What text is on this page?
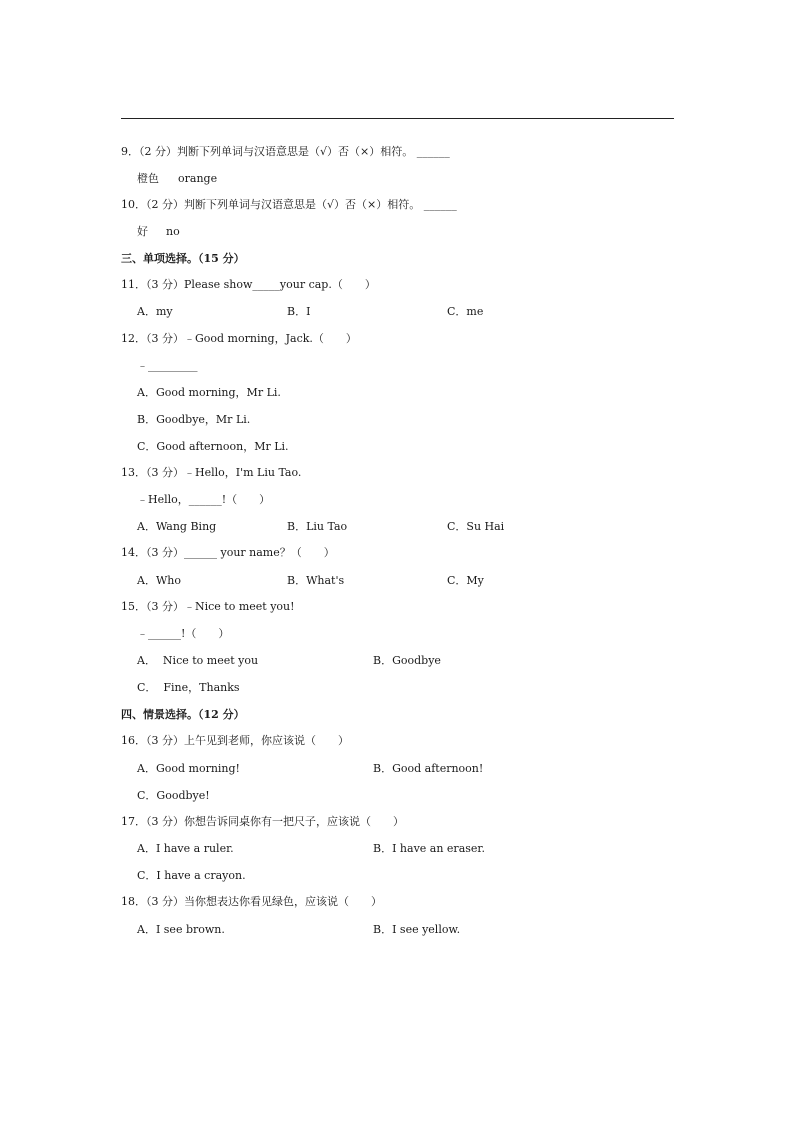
9．（2 分）判断下列单词与汉语意思是（√）否（×）相符。 ______
橙色 orange
10．（2 分）判断下列单词与汉语意思是（√）否（×）相符。 ______
好 no
三、单项选择。（15 分）
11．（3 分）Please show_____your cap.（　　）
A．my	B．I	C．me
12．（3 分）﹣Good morning，Jack.（　　）
﹣_________
A．Good morning，Mr Li.
B．Goodbye，Mr Li.
C．Good afternoon，Mr Li.
13．（3 分）﹣Hello，I'm Liu Tao.
﹣Hello，______!（　　）
A．Wang Bing	B．Liu Tao	C．Su Hai
14．（3 分）______ your name？（　　）
A．Who	B．What's	C．My
15．（3 分）﹣Nice to meet you!
﹣______!（　　）
A．  Nice to meet you	B．Goodbye
C．  Fine，Thanks
四、情景选择。（12 分）
16．（3 分）上午见到老师，你应该说（　　）
A．Good morning!	B．Good afternoon!
C．Goodbye!
17．（3 分）你想告诉同桌你有一把尺子，应该说（　　）
A．I have a ruler.	B．I have an eraser.
C．I have a crayon.
18．（3 分）当你想表达你看见绿色，应该说（　　）
A．I see brown.	B．I see yellow.
